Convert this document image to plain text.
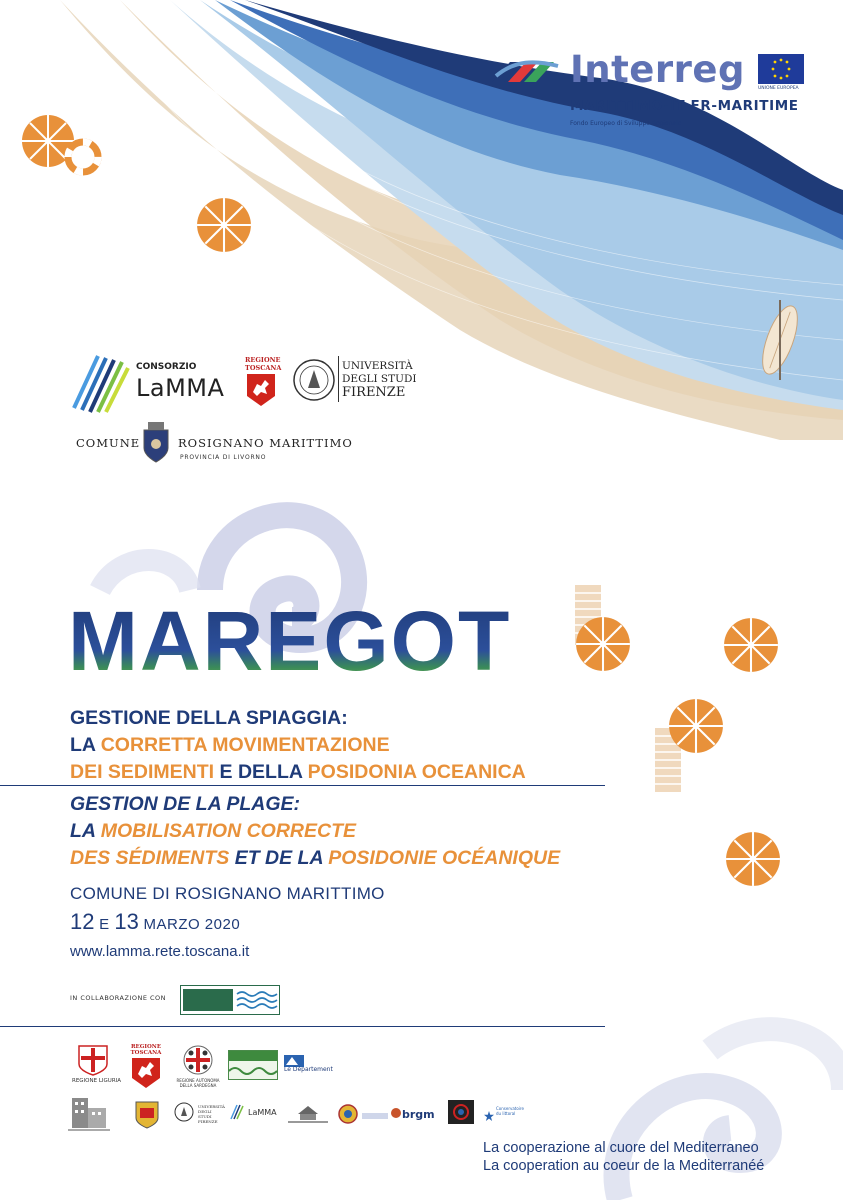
Interreg	UNIONE EUROPEA
MARITTIMO-IT FR-MARITIME
Fondo Europeo di Sviluppo Regionale
CONSORZIO
LaMMA
REGIONE TOSCANA	UNIVERSITÀ
DEGLI STUDI
FIRENZE
COMUNE	ROSIGNANO MARITTIMO
PROVINCIA DI LIVORNO
MAREGOT
GESTIONE DELLA SPIAGGIA:
LA CORRETTA MOVIMENTAZIONE
DEI SEDIMENTI E DELLA POSIDONIA OCEANICA
GESTION DE LA PLAGE:
LA MOBILISATION CORRECTE
DES SÉDIMENTS ET DE LA POSIDONIE OCÉANIQUE
COMUNE DI ROSIGNANO MARITTIMO
12 E 13 MARZO 2020
www.lamma.rete.toscana.it
IN COLLABORAZIONE CON
REGIONE LIGURIA
REGIONE TOSCANA
REGIONE AUTONOMA DELLA SARDEGNA
Le Département
UNIVERSITÀ DEGLI STUDI FIRENZE
LaMMA	brgm	Conservatoire du littoral
La cooperazione al cuore del Mediterraneo
La cooperation au coeur de la Mediterranéé
